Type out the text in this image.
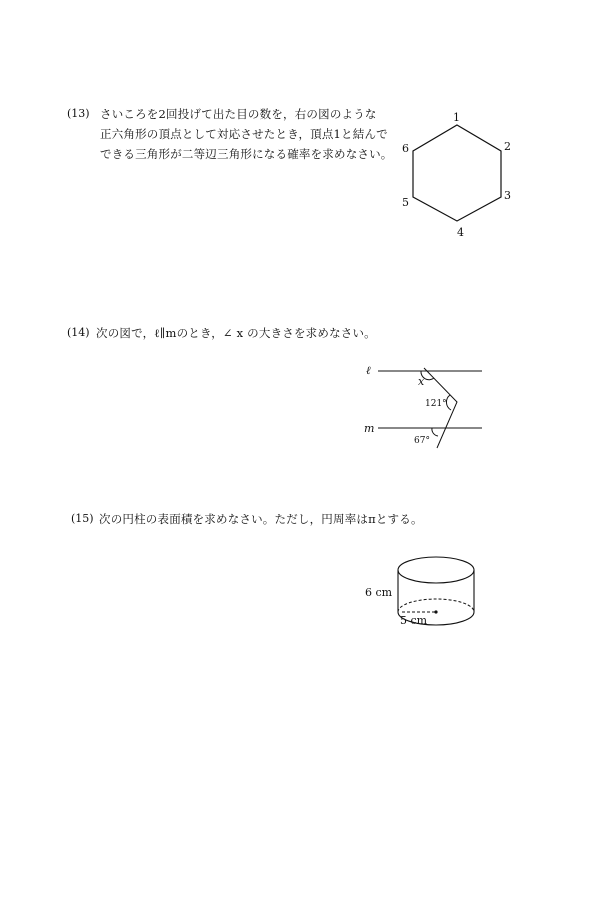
(13) さいころを2回投げて出た目の数を，右の図のような
正六角形の頂点として対応させたとき，頂点1と結んで
できる三角形が二等辺三角形になる確率を求めなさい。
1
2
3
4
5
6
(14) 次の図で，ℓ∥mのとき，∠ x の大きさを求めなさい。
ℓ
m
x
121°
67°
(15) 次の円柱の表面積を求めなさい。ただし，円周率はπとする。
6 cm
5 cm
